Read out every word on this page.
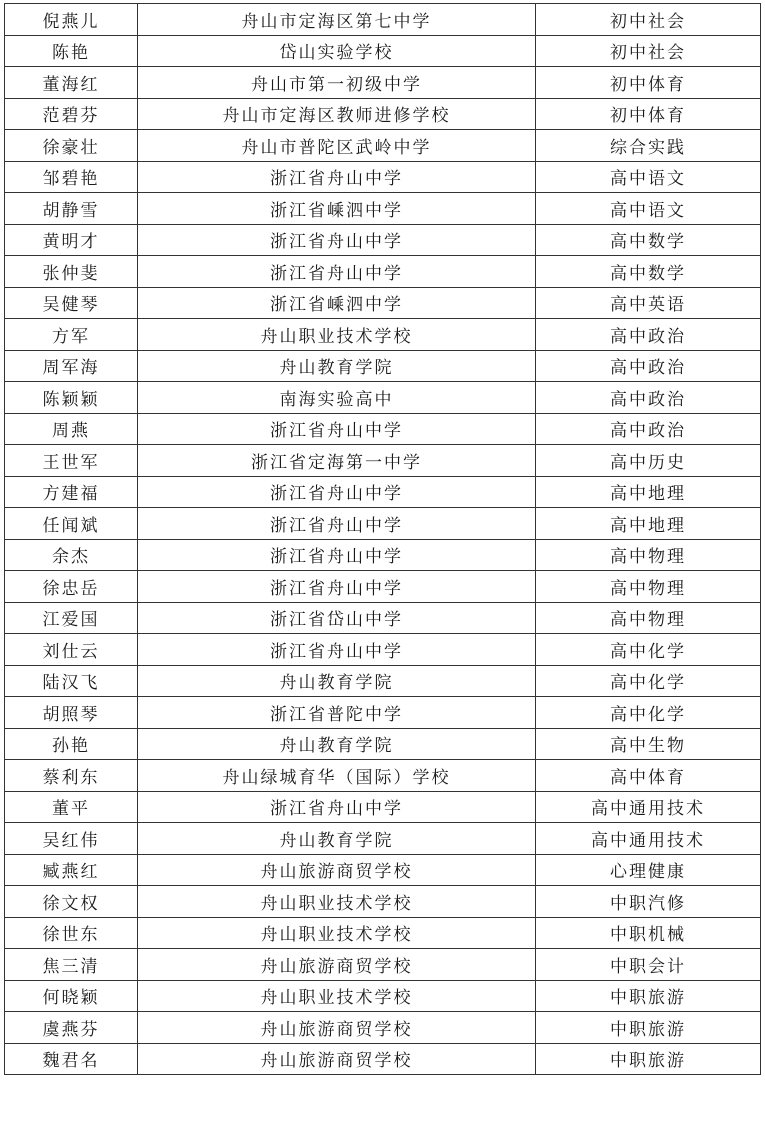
倪燕儿	舟山市定海区第七中学	初中社会
陈艳	岱山实验学校	初中社会
董海红	舟山市第一初级中学	初中体育
范碧芬	舟山市定海区教师进修学校	初中体育
徐豪壮	舟山市普陀区武岭中学	综合实践
邹碧艳	浙江省舟山中学	高中语文
胡静雪	浙江省嵊泗中学	高中语文
黄明才	浙江省舟山中学	高中数学
张仲斐	浙江省舟山中学	高中数学
吴健琴	浙江省嵊泗中学	高中英语
方军	舟山职业技术学校	高中政治
周军海	舟山教育学院	高中政治
陈颖颖	南海实验高中	高中政治
周燕	浙江省舟山中学	高中政治
王世军	浙江省定海第一中学	高中历史
方建福	浙江省舟山中学	高中地理
任闻斌	浙江省舟山中学	高中地理
余杰	浙江省舟山中学	高中物理
徐忠岳	浙江省舟山中学	高中物理
江爱国	浙江省岱山中学	高中物理
刘仕云	浙江省舟山中学	高中化学
陆汉飞	舟山教育学院	高中化学
胡照琴	浙江省普陀中学	高中化学
孙艳	舟山教育学院	高中生物
蔡利东	舟山绿城育华（国际）学校	高中体育
董平	浙江省舟山中学	高中通用技术
吴红伟	舟山教育学院	高中通用技术
臧燕红	舟山旅游商贸学校	心理健康
徐文权	舟山职业技术学校	中职汽修
徐世东	舟山职业技术学校	中职机械
焦三清	舟山旅游商贸学校	中职会计
何晓颖	舟山职业技术学校	中职旅游
虞燕芬	舟山旅游商贸学校	中职旅游
魏君名	舟山旅游商贸学校	中职旅游
